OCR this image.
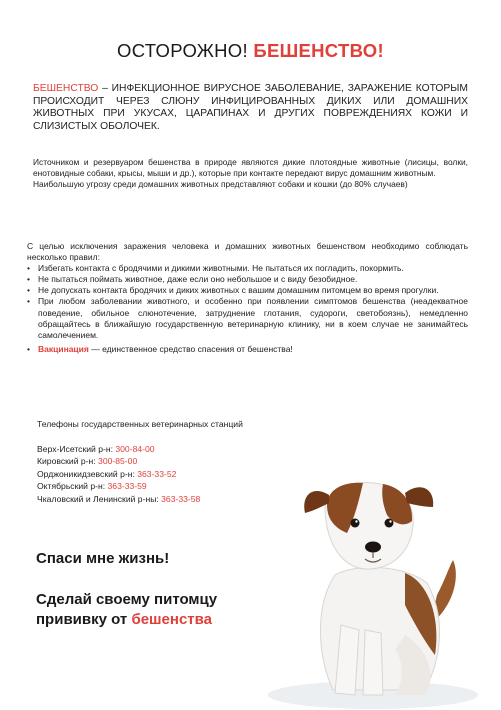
ОСТОРОЖНО! БЕШЕНСТВО!
БЕШЕНСТВО – ИНФЕКЦИОННОЕ ВИРУСНОЕ ЗАБОЛЕВАНИЕ, ЗАРАЖЕНИЕ КОТОРЫМ ПРОИСХОДИТ ЧЕРЕЗ СЛЮНУ ИНФИЦИРОВАННЫХ ДИКИХ ИЛИ ДОМАШНИХ ЖИВОТНЫХ ПРИ УКУСАХ, ЦАРАПИНАХ И ДРУГИХ ПОВРЕЖДЕНИЯХ КОЖИ И СЛИЗИСТЫХ ОБОЛОЧЕК.

Источником и резервуаром бешенства в природе являются дикие плотоядные животные (лисицы, волки, енотовидные собаки, крысы, мыши и др.), которые при контакте передают вирус домашним животным.

Наибольшую угрозу среди домашних животных представляют собаки и кошки (до 80% случаев)

С целью исключения заражения человека и домашних животных бешенством необходимо соблюдать несколько правил:

• Избегать контакта с бродячими и дикими животными. Не пытаться их погладить, покормить.
• Не пытаться поймать животное, даже если оно небольшое и с виду безобидное.
• Не допускать контакта бродячих и диких животных с вашим домашним питомцем во время прогулки.
• При любом заболевании животного, и особенно при появлении симптомов бешенства (неадекватное поведение, обильное слюнотечение, затруднение глотания, судороги, светобоязнь), немедленно обращайтесь в ближайшую государственную ветеринарную клинику, ни в коем случае не занимайтесь самолечением.
• Вакцинация — единственное средство спасения от бешенства!
Телефоны государственных ветеринарных станций
Верх-Исетский р-н: 300-84-00
Кировский р-н: 300-85-00
Орджоникидзевский р-н: 363-33-52
Октябрьский р-н: 363-33-59
Чкаловский и Ленинский р-ны: 363-33-58
Спаси мне жизнь!
Сделай своему питомцу
прививку от бешенства
